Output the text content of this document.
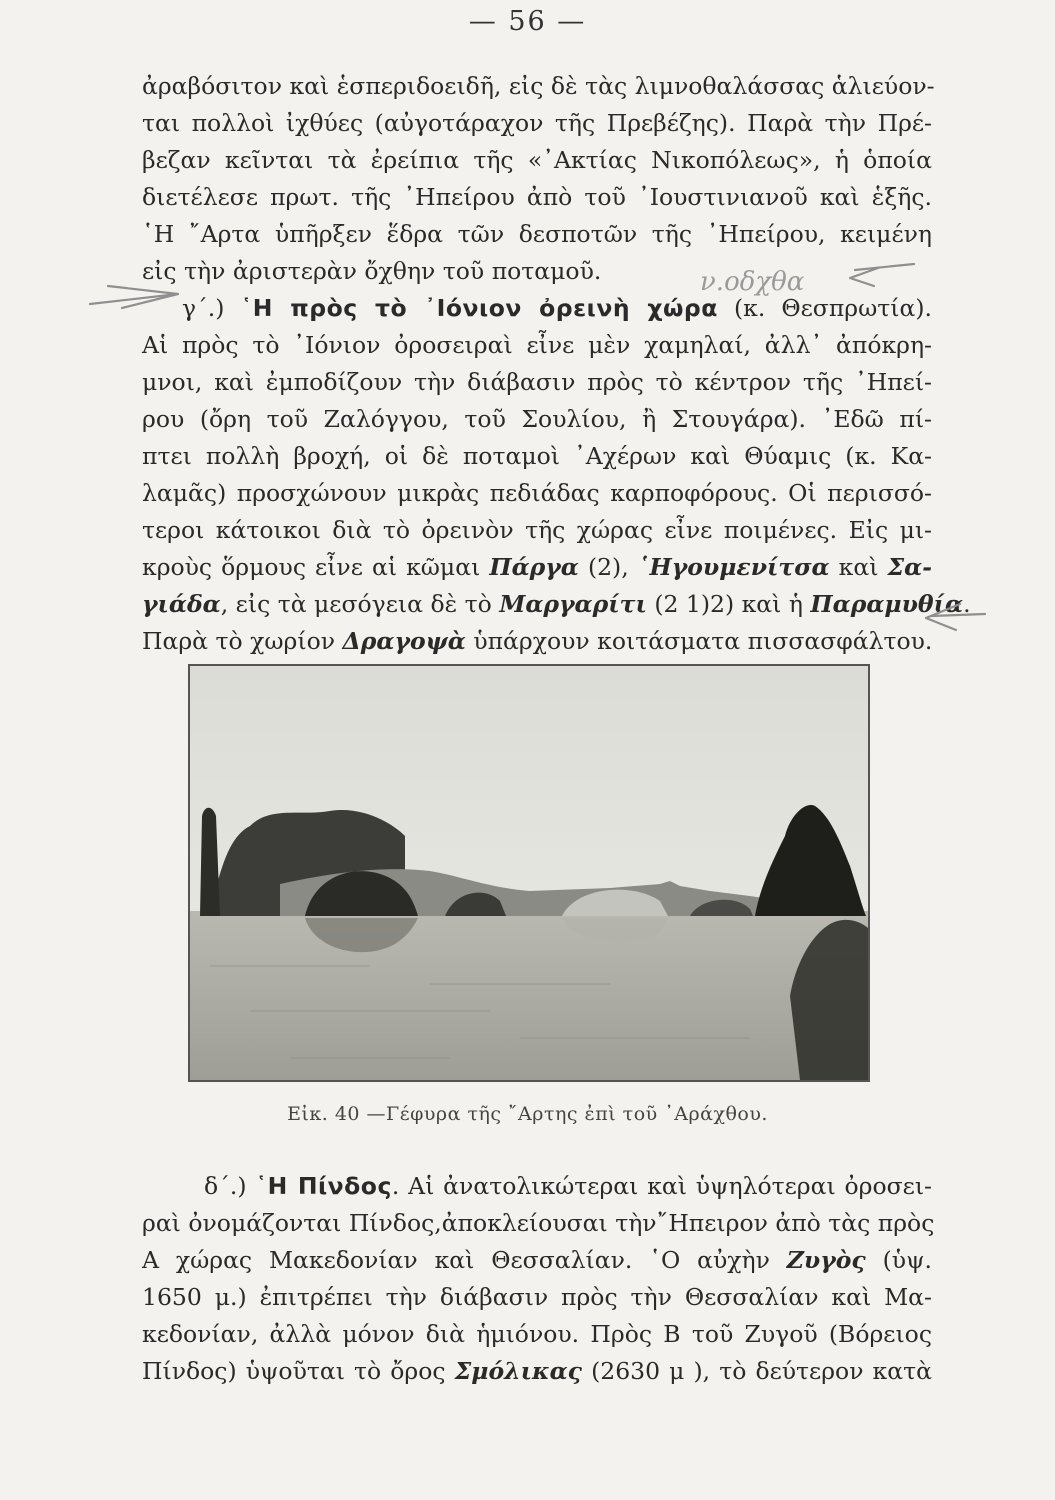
— 56 —
ἀραβόσιτον καὶ ἑσπεριδοειδῆ, εἰς δὲ τὰς λιμνοθαλάσσας ἁλιεύον-
ται πολλοὶ ἰχθύες (αὐγοτάραχον τῆς Πρεβέζης). Παρὰ τὴν Πρέ-
βεζαν κεῖνται τὰ ἐρείπια τῆς «᾽Ακτίας Νικοπόλεως», ἡ ὁποία
διετέλεσε πρωτ. τῆς ᾽Ηπείρου ἀπὸ τοῦ ᾽Ιουστινιανοῦ καὶ ἑξῆς.
῾Η ῎Αρτα ὑπῆρξεν ἕδρα τῶν δεσποτῶν τῆς ᾽Ηπείρου, κειμένη
εἰς τὴν ἀριστερὰν ὄχθην τοῦ ποταμοῦ.
γ΄.) ῾Η πρὸς τὸ ᾽Ιόνιον ὀρεινὴ χώρα (κ. Θεσπρωτία).
Αἱ πρὸς τὸ ᾽Ιόνιον ὀροσειραὶ εἶνε μὲν χαμηλαί, ἀλλ᾽ ἀπόκρη-
μνοι, καὶ ἐμποδίζουν τὴν διάβασιν πρὸς τὸ κέντρον τῆς ᾽Ηπεί-
ρου (ὄρη τοῦ Ζαλόγγου, τοῦ Σουλίου, ἢ Στουγάρα). ᾽Εδῶ πί-
πτει πολλὴ βροχή, οἱ δὲ ποταμοὶ ᾽Αχέρων καὶ Θύαμις (κ. Κα-
λαμᾶς) προσχώνουν μικρὰς πεδιάδας καρποφόρους. Οἱ περισσό-
τεροι κάτοικοι διὰ τὸ ὀρεινὸν τῆς χώρας εἶνε ποιμένες. Εἰς μι-
κροὺς ὅρμους εἶνε αἱ κῶμαι Πάργα (2), ῾Ηγουμενίτσα καὶ Σα-
γιάδα, εἰς τὰ μεσόγεια δὲ τὸ Μαργαρίτι (2 1)2) καὶ ἡ Παραμυθία.
Παρὰ τὸ χωρίον Δραγοψὰ ὑπάρχουν κοιτάσματα πισσασφάλτου.
ν.οδχθα
Εἰκ. 40 —Γέφυρα τῆς ῎Αρτης ἐπὶ τοῦ ᾽Αράχθου.
δ΄.) ῾Η Πίνδος. Αἱ ἀνατολικώτεραι καὶ ὑψηλότεραι ὀροσει-
ραὶ ὀνομάζονται Πίνδος,ἀποκλείουσαι τὴν῎Ηπειρον ἀπὸ τὰς πρὸς
Α χώρας Μακεδονίαν καὶ Θεσσαλίαν. ῾Ο αὐχὴν Ζυγὸς (ὑψ.
1650 μ.) ἐπιτρέπει τὴν διάβασιν πρὸς τὴν Θεσσαλίαν καὶ Μα-
κεδονίαν, ἀλλὰ μόνον διὰ ἡμιόνου. Πρὸς Β τοῦ Ζυγοῦ (Βόρειος
Πίνδος) ὑψοῦται τὸ ὄρος Σμόλικας (2630 μ ), τὸ δεύτερον κατὰ
